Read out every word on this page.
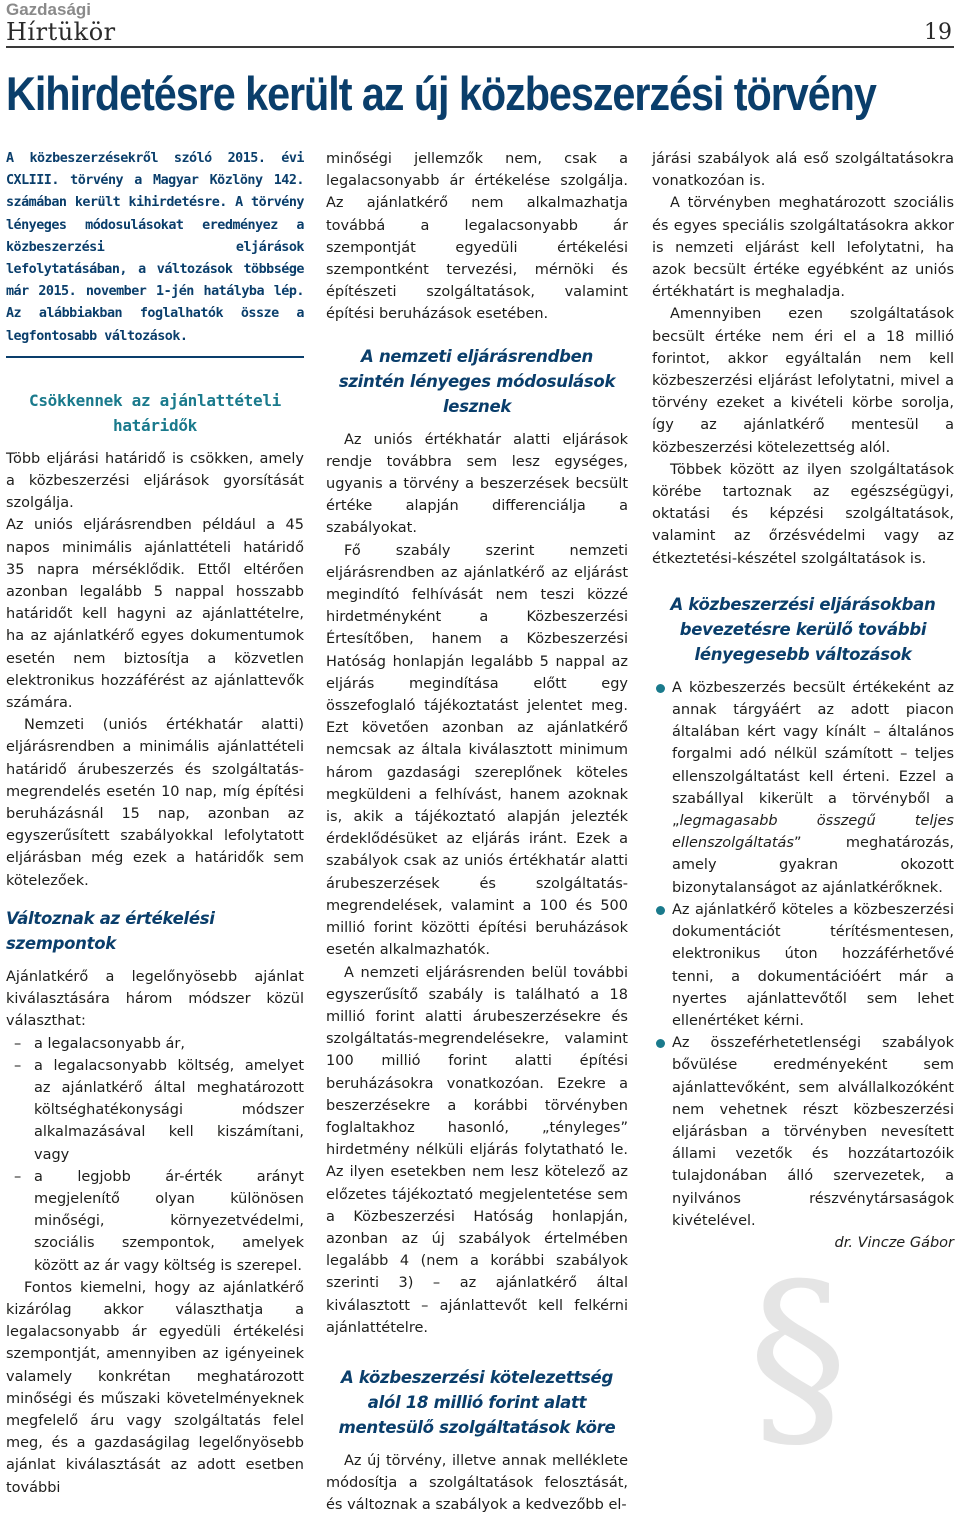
Gazdasági
Hírtükör	19
Kihirdetésre került az új közbeszerzési törvény

A közbeszerzésekről szóló 2015. évi CXLIII. törvény a Magyar Közlöny 142. számában került kihirdetésre. A törvény lényeges módosulásokat eredményez a közbeszerzési eljárások lefolytatásában, a változások többsége már 2015. november 1-jén hatályba lép. Az alábbiakban foglalhatók össze a legfontosabb változások.

Csökkennek az ajánlattételi határidők

Több eljárási határidő is csökken, amely a közbeszerzési eljárások gyorsítását szolgálja.

Az uniós eljárásrendben például a 45 napos minimális ajánlattételi határidő 35 napra mérséklődik. Ettől eltérően azonban legalább 5 nappal hosszabb határidőt kell hagyni az ajánlattételre, ha az ajánlatkérő egyes dokumentumok esetén nem biztosítja a közvetlen elektronikus hozzáférést az ajánlattevők számára.

Nemzeti (uniós értékhatár alatti) eljárásrendben a minimális ajánlattételi határidő árubeszerzés és szolgáltatás-megrendelés esetén 10 nap, míg építési beruházásnál 15 nap, azonban az egyszerűsített szabályokkal lefolytatott eljárásban még ezek a határidők sem kötelezőek.

Változnak az értékelési szempontok

Ajánlatkérő a legelőnyösebb ajánlat kiválasztására három módszer közül választhat:

– a legalacsonyabb ár,
– a legalacsonyabb költség, amelyet az ajánlatkérő által meghatározott költséghatékonysági módszer alkalmazásával kell kiszámítani, vagy
– a legjobb ár-érték arányt megjelenítő olyan különösen minőségi, környezetvédelmi, szociális szempontok, amelyek között az ár vagy költség is szerepel.

Fontos kiemelni, hogy az ajánlatkérő kizárólag akkor választhatja a legalacsonyabb ár egyedüli értékelési szempontját, amennyiben az igényeinek valamely konkrétan meghatározott minőségi és műszaki követelményeknek megfelelő áru vagy szolgáltatás felel meg, és a gazdaságilag legelőnyösebb ajánlat kiválasztását az adott esetben további

minőségi jellemzők nem, csak a legalacsonyabb ár értékelése szolgálja. Az ajánlatkérő nem alkalmazhatja továbbá a legalacsonyabb ár szempontját egyedüli értékelési szempontként tervezési, mérnöki és építészeti szolgáltatások, valamint építési beruházások esetében.

A nemzeti eljárásrendben szintén lényeges módosulások lesznek

Az uniós értékhatár alatti eljárások rendje továbbra sem lesz egységes, ugyanis a törvény a beszerzések becsült értéke alapján differenciálja a szabályokat.

Fő szabály szerint nemzeti eljárásrendben az ajánlatkérő az eljárást megindító felhívását nem teszi közzé hirdetményként a Közbeszerzési Értesítőben, hanem a Közbeszerzési Hatóság honlapján legalább 5 nappal az eljárás megindítása előtt egy összefoglaló tájékoztatást jelentet meg. Ezt követően azonban az ajánlatkérő nemcsak az általa kiválasztott minimum három gazdasági szereplőnek köteles megküldeni a felhívást, hanem azoknak is, akik a tájékoztató alapján jelezték érdeklődésüket az eljárás iránt. Ezek a szabályok csak az uniós értékhatár alatti árubeszerzések és szolgáltatás-megrendelések, valamint a 100 és 500 millió forint közötti építési beruházások esetén alkalmazhatók.

A nemzeti eljárásrenden belül további egyszerűsítő szabály is található a 18 millió forint alatti árubeszerzésekre és szolgáltatás-megrendelésekre, valamint 100 millió forint alatti építési beruházásokra vonatkozóan. Ezekre a beszerzésekre a korábbi törvényben foglaltakhoz hasonló, „tényleges” hirdetmény nélküli eljárás folytatható le. Az ilyen esetekben nem lesz kötelező az előzetes tájékoztató megjelentetése sem a Közbeszerzési Hatóság honlapján, azonban az új szabályok értelmében legalább 4 (nem a korábbi szabályok szerinti 3) – az ajánlatkérő által kiválasztott – ajánlattevőt kell felkérni ajánlattételre.

A közbeszerzési kötelezettség alól 18 millió forint alatt mentesülő szolgáltatások köre

Az új törvény, illetve annak melléklete módosítja a szolgáltatások felosztását, és változnak a szabályok a kedvezőbb el-

járási szabályok alá eső szolgáltatásokra vonatkozóan is.

A törvényben meghatározott szociális és egyes speciális szolgáltatásokra akkor is nemzeti eljárást kell lefolytatni, ha azok becsült értéke egyébként az uniós értékhatárt is meghaladja.

Amennyiben ezen szolgáltatások becsült értéke nem éri el a 18 millió forintot, akkor egyáltalán nem kell közbeszerzési eljárást lefolytatni, mivel a törvény ezeket a kivételi körbe sorolja, így az ajánlatkérő mentesül a közbeszerzési kötelezettség alól.

Többek között az ilyen szolgáltatások körébe tartoznak az egészségügyi, oktatási és képzési szolgáltatások, valamint az őrzésvédelmi vagy az étkeztetési-készétel szolgáltatások is.

A közbeszerzési eljárásokban bevezetésre kerülő további lényegesebb változások
A közbeszerzés becsült értékeként az annak tárgyáért az adott piacon általában kért vagy kínált – általános forgalmi adó nélkül számított – teljes ellenszolgáltatást kell érteni. Ezzel a szabállyal kikerült a törvényből a „legmagasabb összegű teljes ellenszolgáltatás” meghatározás, amely gyakran okozott bizonytalanságot az ajánlatkérőknek.
Az ajánlatkérő köteles a közbeszerzési dokumentációt térítésmentesen, elektronikus úton hozzáférhetővé tenni, a dokumentációért már a nyertes ajánlattevőtől sem lehet ellenértéket kérni.
Az összeférhetetlenségi szabályok bővülése eredményeként sem ajánlattevőként, sem alvállalkozóként nem vehetnek részt közbeszerzési eljárásban a törvényben nevesített állami vezetők és hozzátartozóik tulajdonában álló szervezetek, a nyilvános részvénytársaságok kivételével.

dr. Vincze Gábor

§
